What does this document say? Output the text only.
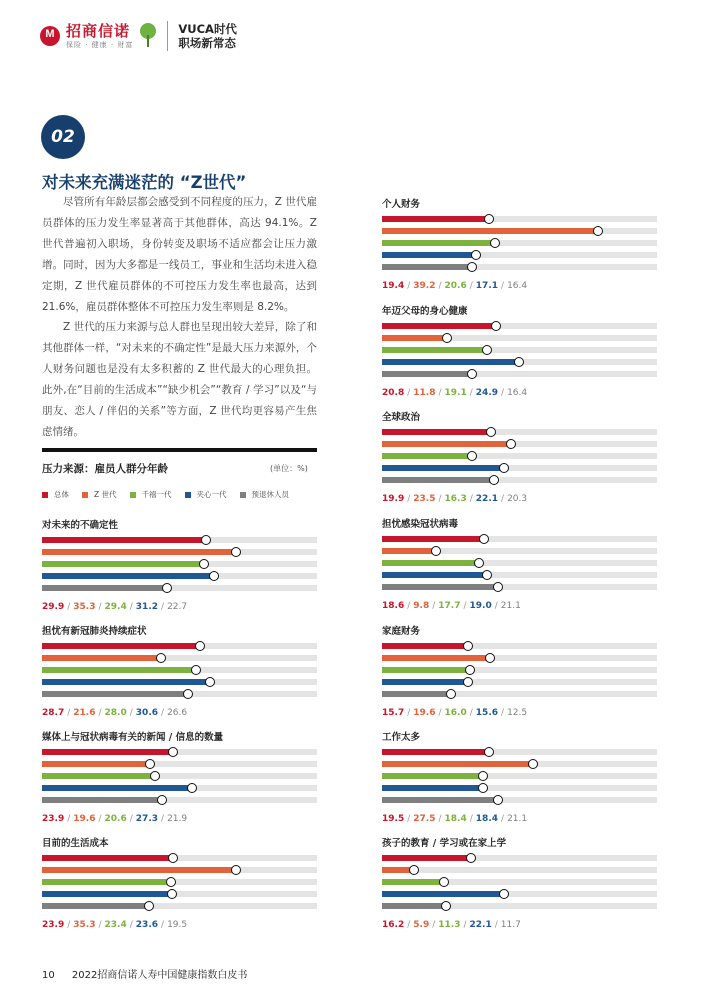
M
招商信诺
保险 · 健康 · 财富
VUCA时代
职场新常态
02
对未来充满迷茫的 “Z世代”

尽管所有年龄层都会感受到不同程度的压力，Z 世代雇员群体的压力发生率显著高于其他群体，高达 94.1%。Z 世代普遍初入职场，身份转变及职场不适应都会让压力激增。同时，因为大多都是一线员工，事业和生活均未进入稳定期，Z 世代雇员群体的不可控压力发生率也最高，达到 21.6%，雇员群体整体不可控压力发生率则是 8.2%。

Z 世代的压力来源与总人群也呈现出较大差异，除了和其他群体一样，“对未来的不确定性”是最大压力来源外，个人财务问题也是没有太多积蓄的 Z 世代最大的心理负担。此外,在“目前的生活成本”“缺少机会”“教育 / 学习”以及“与朋友、恋人 / 伴侣的关系”等方面，Z 世代均更容易产生焦虑情绪。

压力来源：雇员人群分年龄	(单位：%)
总体	Z 世代	千禧一代	夹心一代	预退休人员
对未来的不确定性
29.9 / 35.3 / 29.4 / 31.2 / 22.7
担忧有新冠肺炎持续症状
28.7 / 21.6 / 28.0 / 30.6 / 26.6
媒体上与冠状病毒有关的新闻 / 信息的数量
23.9 / 19.6 / 20.6 / 27.3 / 21.9
目前的生活成本
23.9 / 35.3 / 23.4 / 23.6 / 19.5
个人财务
19.4 / 39.2 / 20.6 / 17.1 / 16.4
年迈父母的身心健康
20.8 / 11.8 / 19.1 / 24.9 / 16.4
全球政治
19.9 / 23.5 / 16.3 / 22.1 / 20.3
担忧感染冠状病毒
18.6 / 9.8 / 17.7 / 19.0 / 21.1
家庭财务
15.7 / 19.6 / 16.0 / 15.6 / 12.5
工作太多
19.5 / 27.5 / 18.4 / 18.4 / 21.1
孩子的教育 / 学习或在家上学
16.2 / 5.9 / 11.3 / 22.1 / 11.7
10 2022招商信诺人寿中国健康指数白皮书
